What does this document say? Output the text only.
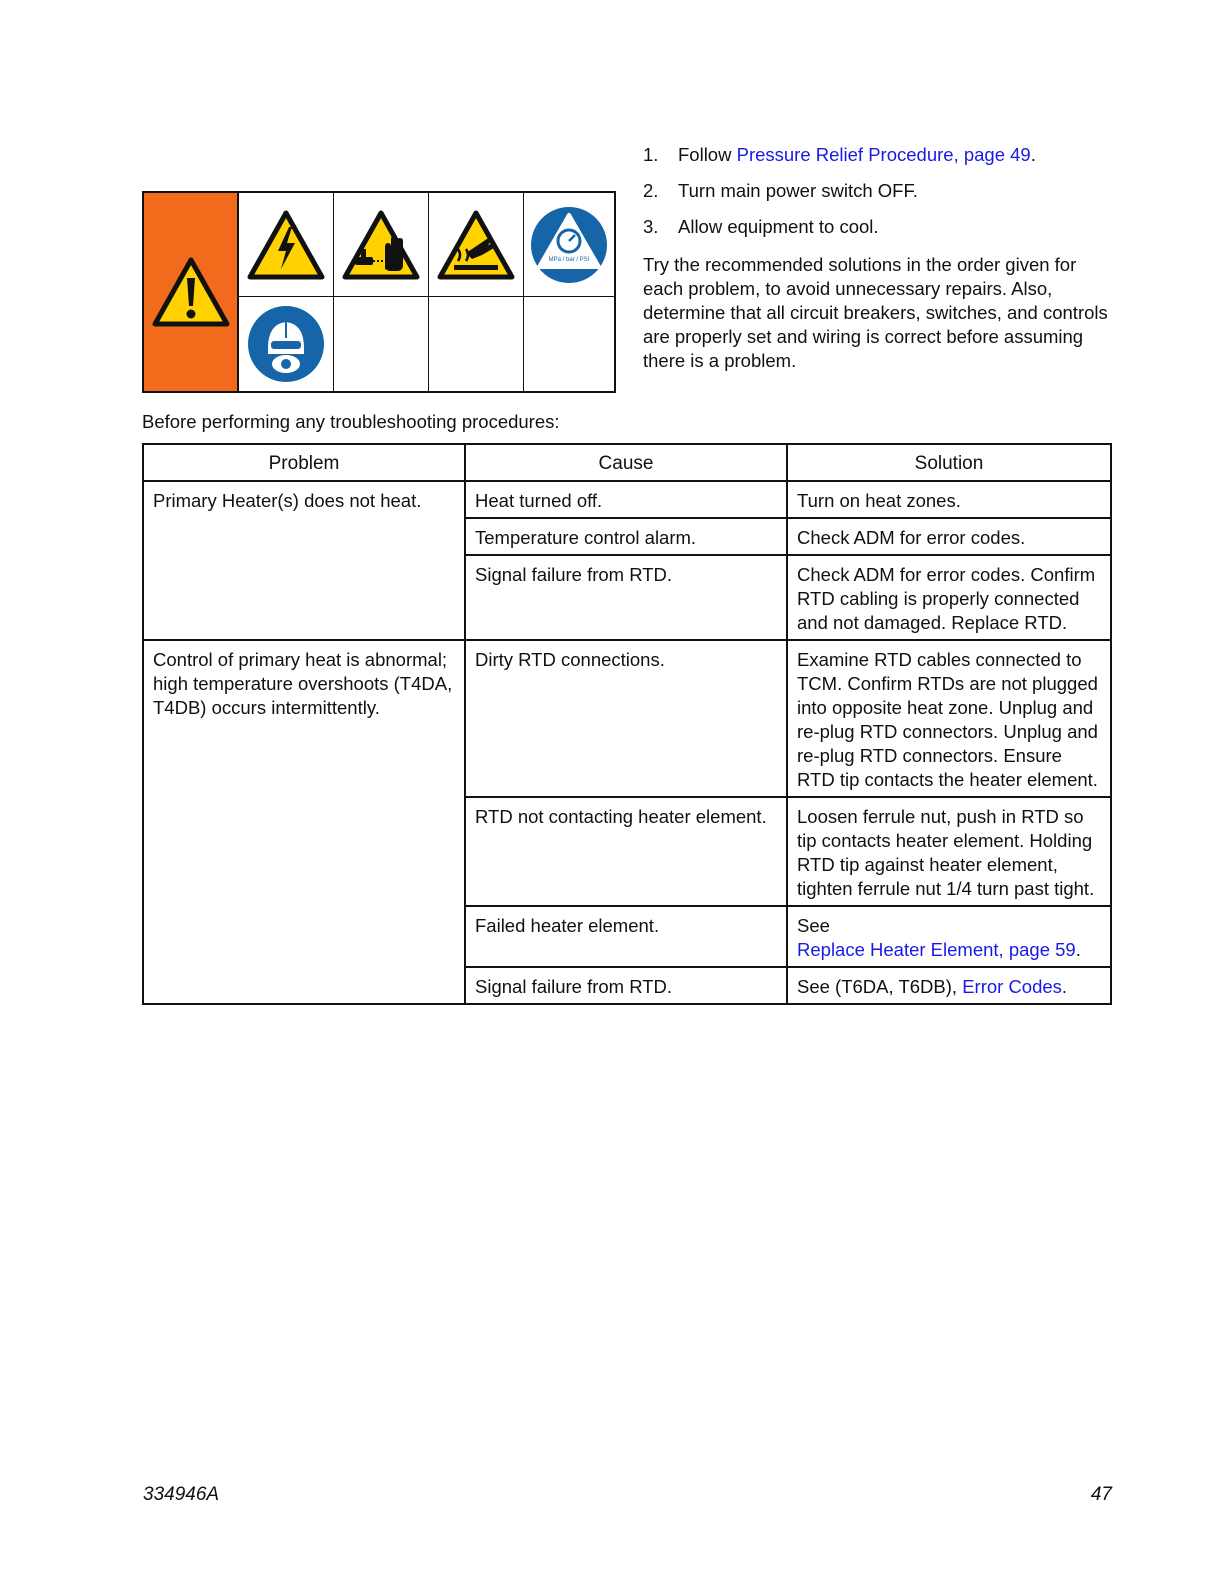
MPa / bar / PSI
1.	Follow Pressure Relief Procedure, page 49.
2.	Turn main power switch OFF.
3.	Allow equipment to cool.

Try the recommended solutions in the order given for each problem, to avoid unnecessary repairs. Also, determine that all circuit breakers, switches, and controls are properly set and wiring is correct before assuming there is a problem.

Before performing any troubleshooting procedures:

Problem	Cause	Solution
Primary Heater(s) does not heat.	Heat turned off.	Turn on heat zones.
	Temperature control alarm.	Check ADM for error codes.
	Signal failure from RTD.	Check ADM for error codes. Confirm RTD cabling is properly connected and not damaged. Replace RTD.
Control of primary heat is abnormal; high temperature overshoots (T4DA, T4DB) occurs intermittently.	Dirty RTD connections.	Examine RTD cables connected to TCM. Confirm RTDs are not plugged into opposite heat zone. Unplug and re-plug RTD connectors. Unplug and re-plug RTD connectors. Ensure RTD tip contacts the heater element.
	RTD not contacting heater element.	Loosen ferrule nut, push in RTD so tip contacts heater element. Holding RTD tip against heater element, tighten ferrule nut 1/4 turn past tight.
	Failed heater element.	See
Replace Heater Element, page 59.
	Signal failure from RTD.	See (T6DA, T6DB), Error Codes.
334946A	47
